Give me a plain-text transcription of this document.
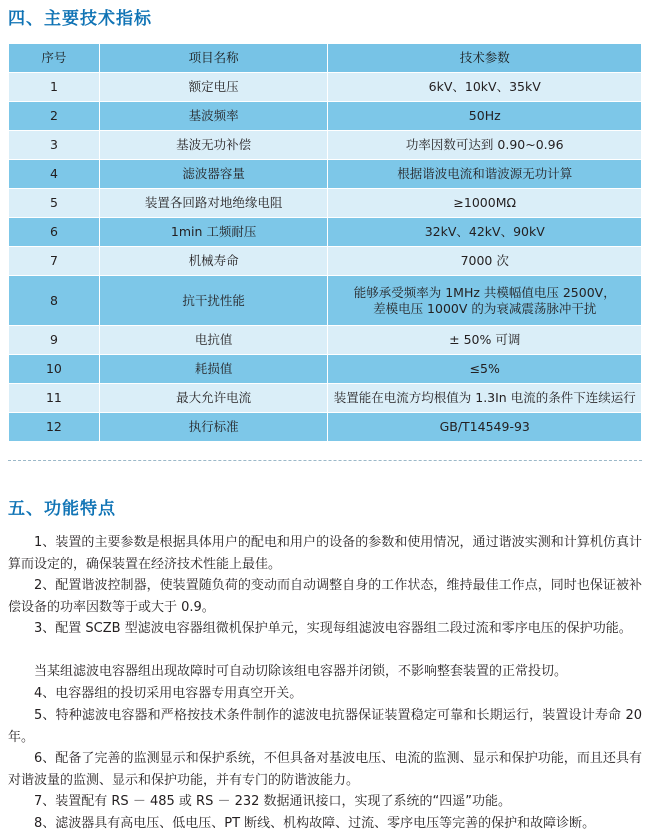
四、主要技术指标
序号	项目名称	技术参数
1	额定电压	6kV、10kV、35kV
2	基波频率	50Hz
3	基波无功补偿	功率因数可达到 0.90~0.96
4	滤波器容量	根据谐波电流和谐波源无功计算
5	装置各回路对地绝缘电阻	≥1000MΩ
6	1min 工频耐压	32kV、42kV、90kV
7	机械寿命	7000 次
8	抗干扰性能	能够承受频率为 1MHz 共模幅值电压 2500V，
差模电压 1000V 的为衰减震荡脉冲干扰

9	电抗值	± 50% 可调
10	耗损值	≤5%
11	最大允许电流	装置能在电流方均根值为 1.3In 电流的条件下连续运行
12	执行标准	GB/T14549-93
五、功能特点

1、装置的主要参数是根据具体用户的配电和用户的设备的参数和使用情况，通过谐波实测和计算机仿真计算而设定的，确保装置在经济技术性能上最佳。

2、配置谐波控制器，使装置随负荷的变动而自动调整自身的工作状态，维持最佳工作点，同时也保证被补偿设备的功率因数等于或大于 0.9。

3、配置 SCZB 型滤波电容器组微机保护单元，实现每组滤波电容器组二段过流和零序电压的保护功能。

当某组滤波电容器组出现故障时可自动切除该组电容器并闭锁，不影响整套装置的正常投切。

4、电容器组的投切采用电容器专用真空开关。

5、特种滤波电容器和严格按技术条件制作的滤波电抗器保证装置稳定可靠和长期运行，装置设计寿命 20 年。

6、配备了完善的监测显示和保护系统，不但具备对基波电压、电流的监测、显示和保护功能，而且还具有对谐波量的监测、显示和保护功能，并有专门的防谐波能力。

7、装置配有 RS － 485 或 RS － 232 数据通讯接口，实现了系统的“四遥”功能。

8、滤波器具有高电压、低电压、PT 断线、机构故障、过流、零序电压等完善的保护和故障诊断。
